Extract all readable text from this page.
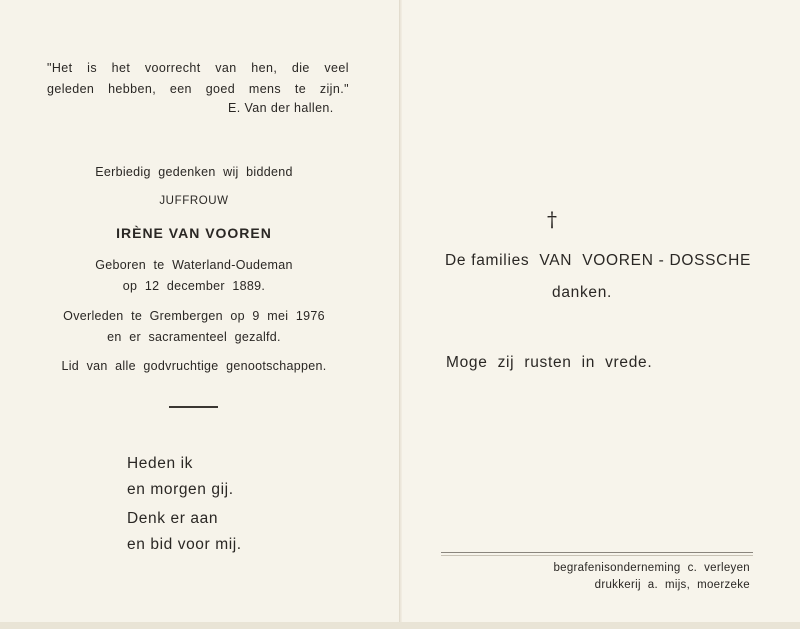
"Het is het voorrecht van hen, die veel
geleden hebben, een goed mens te zijn."
E. Van der hallen.
Eerbiedig  gedenken  wij  biddend
JUFFROUW
IRÈNE VAN VOOREN
Geboren  te  Waterland-Oudeman
op  12  december  1889.
Overleden  te  Grembergen  op  9  mei  1976
en  er  sacramenteel  gezalfd.
Lid  van  alle  godvruchtige  genootschappen.
Heden ik
en morgen gij.
Denk er aan
en bid voor mij.
†
De families  VAN  VOOREN - DOSSCHE
danken.
Moge  zij  rusten  in  vrede.
begrafenisonderneming  c.  verleyen
drukkerij  a.  mijs,  moerzeke
